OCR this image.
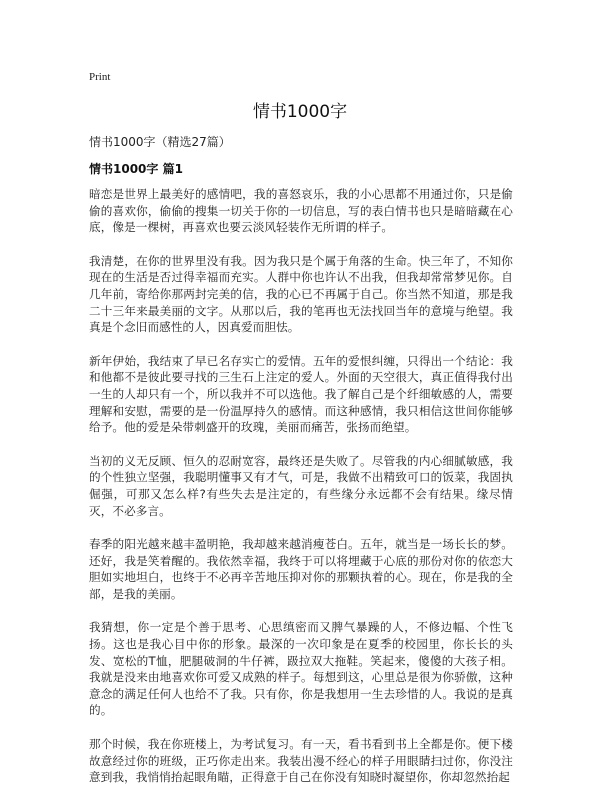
Print
情书1000字
情书1000字（精选27篇）
情书1000字 篇1

暗恋是世界上最美好的感情吧，我的喜怒哀乐，我的小心思都不用通过你，只是偷偷的喜欢你，偷偷的搜集一切关于你的一切信息，写的表白情书也只是暗暗藏在心底，像是一棵树，再喜欢也要云淡风轻装作无所谓的样子。

我清楚，在你的世界里没有我。因为我只是个属于角落的生命。快三年了，不知你现在的生活是否过得幸福而充实。人群中你也许认不出我，但我却常常梦见你。自几年前，寄给你那两封完美的信，我的心已不再属于自己。你当然不知道，那是我二十三年来最美丽的文字。从那以后，我的笔再也无法找回当年的意境与绝望。我真是个念旧而感性的人，因真爱而胆怯。

新年伊始，我结束了早已名存实亡的爱情。五年的爱恨纠缠，只得出一个结论：我和他都不是彼此要寻找的三生石上注定的爱人。外面的天空很大，真正值得我付出一生的人却只有一个，所以我并不可以选他。我了解自己是个纤细敏感的人，需要理解和安慰，需要的是一份温厚持久的感情。而这种感情，我只相信这世间你能够给予。他的爱是朵带刺盛开的玫瑰，美丽而痛苦，张扬而绝望。

当初的义无反顾、恒久的忍耐宽容，最终还是失败了。尽管我的内心细腻敏感，我的个性独立坚强，我聪明懂事又有才气，可是，我做不出精致可口的饭菜，我固执倔强，可那又怎么样?有些失去是注定的，有些缘分永远都不会有结果。缘尽情灭，不必多言。

春季的阳光越来越丰盈明艳，我却越来越消瘦苍白。五年，就当是一场长长的梦。还好，我是笑着醒的。我依然幸福，我终于可以将埋藏于心底的那份对你的依恋大胆如实地坦白，也终于不必再辛苦地压抑对你的那颗执着的心。现在，你是我的全部，是我的美丽。

我猜想，你一定是个善于思考、心思缜密而又脾气暴躁的人，不修边幅、个性飞扬。这也是我心目中你的形象。最深的一次印象是在夏季的校园里，你长长的头发、宽松的T恤，肥腿破洞的牛仔裤，趿拉双大拖鞋。笑起来，傻傻的大孩子相。我就是没来由地喜欢你可爱又成熟的样子。每想到这，心里总是很为你骄傲，这种意念的满足任何人也给不了我。只有你，你是我想用一生去珍惜的人。我说的是真的。

那个时候，我在你班楼上，为考试复习。有一天，看书看到书上全都是你。便下楼故意经过你的班级，正巧你走出来。我装出漫不经心的样子用眼睛扫过你，你没注意到我，我悄悄抬起眼角瞄，正得意于自己在你没有知晓时凝望你，你却忽然抬起
